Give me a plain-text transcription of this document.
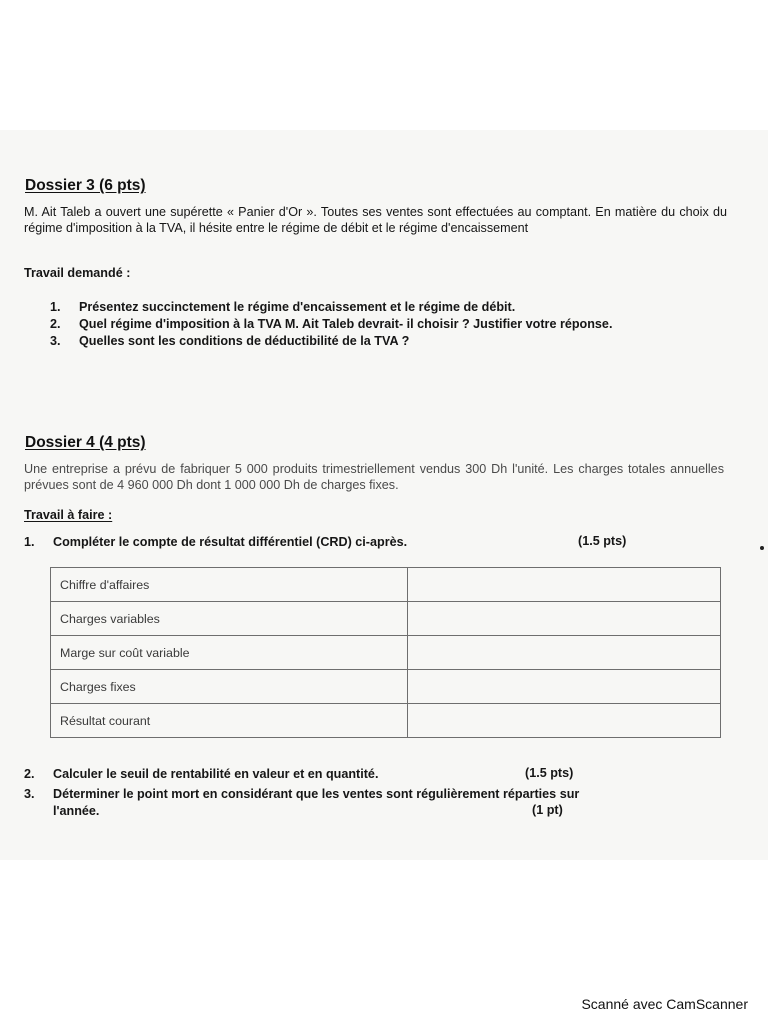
Dossier 3 (6 pts)
M. Ait Taleb a ouvert une supérette « Panier d'Or ». Toutes ses ventes sont effectuées au comptant. En matière du choix du régime d'imposition à la TVA, il hésite entre le régime de débit et le régime d'encaissement
Travail demandé :
1. Présentez succinctement le régime d'encaissement et le régime de débit.
2. Quel régime d'imposition à la TVA M. Ait Taleb devrait- il choisir ? Justifier votre réponse.
3. Quelles sont les conditions de déductibilité de la TVA ?
Dossier 4 (4 pts)
Une entreprise a prévu de fabriquer 5 000 produits trimestriellement vendus 300 Dh l'unité. Les charges totales annuelles prévues sont de 4 960 000 Dh dont 1 000 000 Dh de charges fixes.
Travail à faire :
1. Compléter le compte de résultat différentiel (CRD) ci-après.	(1.5 pts)
Chiffre d'affaires	
Charges variables	
Marge sur coût variable	
Charges fixes	
Résultat courant	
2. Calculer le seuil de rentabilité en valeur et en quantité.	(1.5 pts)
3. Déterminer le point mort en considérant que les ventes sont régulièrement réparties sur
l'année.	(1 pt)
Scanné avec CamScanner
